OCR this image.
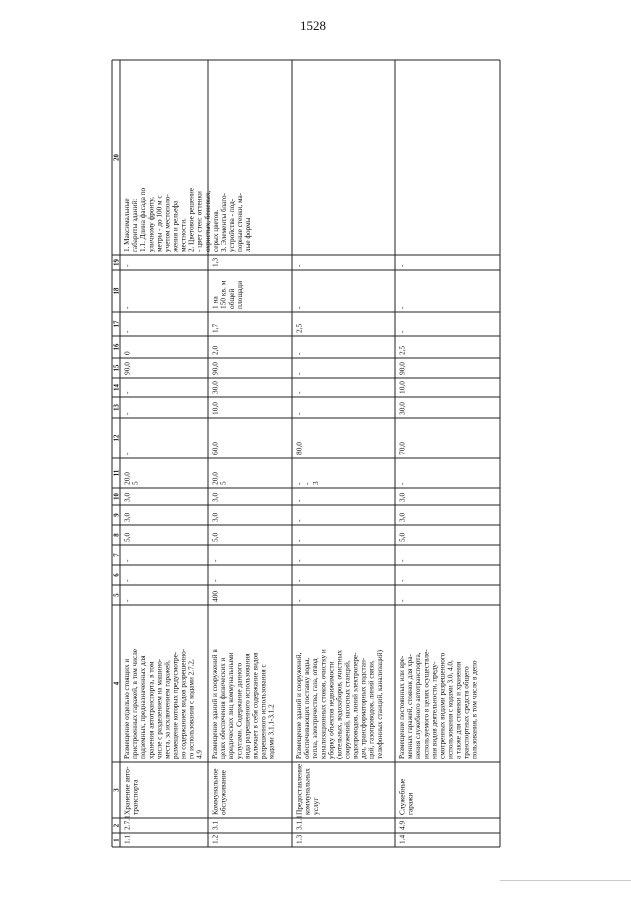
1528
1
2
3
4
5
6
7
8
9
10
11
12
13
14
15
16
17
18
19
20
1.1
2.7.1
Хранение авто- транспорта
Размещение отдельно стоящих и пристроенных гаражей, в том числе подземных, предназначенных для хранения автотранспорта, в том числе с разделением на машино- места, за исключением гаражей, размещение которых предусмотре- но содержанием видов разрешенно- го использования с кодами 2.7.2, 4.9
-
-
-
5,0
3,0
3,0
20,0 5
-
-
-
90,0
0
-
-
-
1. Максимальные габариты зданий: 1.1. Длина фасада по уличному фронту, метры - до 100 м с учетом местополо- жения и рельефа местности. 2. Цветовое решение - цвет стен: оттенки охристых, бежевых, серых цветов. 3. Элементы благо- устройства - под- порные стенки, ма- лые формы
1.2
3.1
Коммунальное обслуживание
Размещение зданий и сооружений в целях обеспечения физических и юридических лиц коммунальными услугами. Содержание данного вида разрешенного использования включает в себя содержание видов разрешенного использования с кодами 3.1.1-3.1.2
400
-
-
5,0
3,0
3,0
20,0 5
60,0
10,0
30,0
90,0
2,0
1,7
1 на 150 кв. м общей площади
1,3
1.3
3.1.1
Предоставление коммунальных услуг
Размещение зданий и сооружений, обеспечивающих поставку воды, тепла, электричества, газа, отвод канализационных стоков, очистку и уборку объектов недвижимости (котельных, водозаборов, очистных сооружений, насосных станций, водопроводов, линий электропере- дач, трансформаторных подстан- ций, газопроводов, линий связи, телефонных станций, канализаций)
-
-
-
-
-
-
- - 3
80,0
-
-
-
-
2,5
-
-
1.4
4.9
Служебные гаражи
Размещение постоянных или вре- менных гаражей, стоянок для хра- нения служебного автотранспорта, используемого в целях осуществле- ния видов деятельности, преду- смотренных видами разрешенного использования с кодами 3.0, 4.0, а также для стоянки и хранения транспортных средств общего пользования, в том числе в депо
-
-
-
5,0
3,0
3,0
-
70,0
30,0
10,0
90,0
2,5
-
-
-
